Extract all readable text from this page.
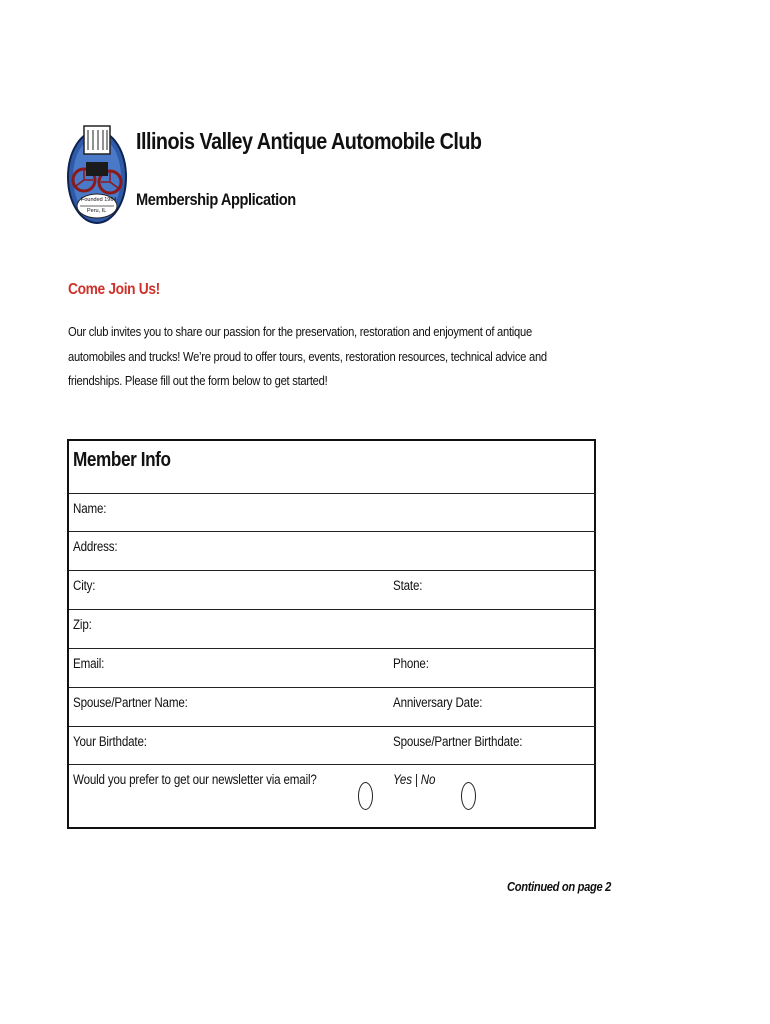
Founded 1964
Peru, IL
Illinois Valley Antique Automobile Club
Membership Application
Come Join Us!
Our club invites you to share our passion for the preservation, restoration and enjoyment of antique automobiles and trucks! We’re proud to offer tours, events, restoration resources, technical advice and friendships. Please fill out the form below to get started!
Member Info
Name:
Address:
City:	State:
Zip:
Email:	Phone:
Spouse/Partner Name:	Anniversary Date:
Your Birthdate:	Spouse/Partner Birthdate:
Would you prefer to get our newsletter via email?	Yes | No
Continued on page 2
